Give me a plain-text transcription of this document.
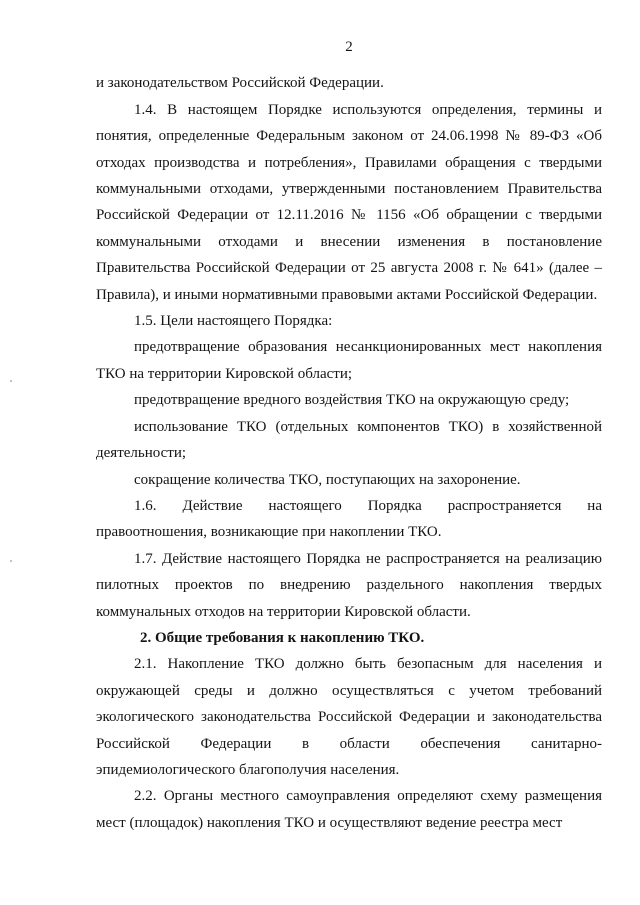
2

и законодательством Российской Федерации.

1.4. В настоящем Порядке используются определения, термины и понятия, определенные Федеральным законом от 24.06.1998 № 89-ФЗ «Об отходах производства и потребления», Правилами обращения с твердыми коммунальными отходами, утвержденными постановлением Правительства Российской Федерации от 12.11.2016 № 1156 «Об обращении с твердыми коммунальными отходами и внесении изменения в постановление Правительства Российской Федерации от 25 августа 2008 г. № 641» (далее – Правила), и иными нормативными правовыми актами Российской Федерации.

1.5. Цели настоящего Порядка:

предотвращение образования несанкционированных мест накопления ТКО на территории Кировской области;

предотвращение вредного воздействия ТКО на окружающую среду;

использование ТКО (отдельных компонентов ТКО) в хозяйственной деятельности;

сокращение количества ТКО, поступающих на захоронение.

1.6. Действие настоящего Порядка распространяется на правоотношения, возникающие при накоплении ТКО.

1.7. Действие настоящего Порядка не распространяется на реализацию пилотных проектов по внедрению раздельного накопления твердых коммунальных отходов на территории Кировской области.

2. Общие требования к накоплению ТКО.

2.1. Накопление ТКО должно быть безопасным для населения и окружающей среды и должно осуществляться с учетом требований экологического законодательства Российской Федерации и законодательства Российской Федерации в области обеспечения санитарно-эпидемиологического благополучия населения.

2.2. Органы местного самоуправления определяют схему размещения мест (площадок) накопления ТКО и осуществляют ведение реестра мест
